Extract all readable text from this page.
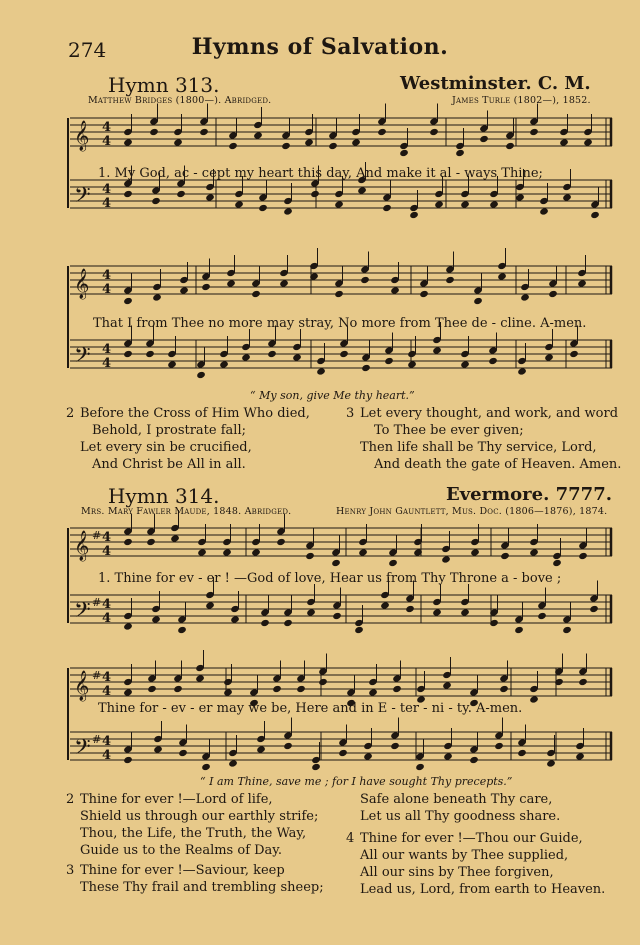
274	Hymns of Salvation.
Hymn 313.	Westminster. C. M.
Matthew Bridges (1800—). Abridged.	James Turle (1802—), 1852.
𝄞 4
4
𝄢 4
4
1. My God, ac - cept my heart this day, And make it al - ways Thine;
𝄞 4
4
𝄢 4
4
That I from Thee no more may stray, No more from Thee de - cline. A-men.
“ My son, give Me thy heart.”
2 Before the Cross of Him Who died,
Behold, I prostrate fall;
Let every sin be crucified,
And Christ be All in all.
3 Let every thought, and work, and word
To Thee be ever given;
Then life shall be Thy service, Lord,
And death the gate of Heaven. Amen.
Hymn 314.	Evermore. 7777.
Mrs. Mary Fawler Maude, 1848. Abridged.	Henry John Gauntlett, Mus. Doc. (1806—1876), 1874.
𝄞 # 4
4
𝄢 # 4
4
1. Thine for ev - er ! —God of love, Hear us from Thy Throne a - bove ;
𝄞 # 4
4
𝄢 # 4
4
Thine for - ev - er may we be, Here and in E - ter - ni - ty. A-men.
“ I am Thine, save me ; for I have sought Thy precepts.”
2 Thine for ever !—Lord of life,
Shield us through our earthly strife;
Thou, the Life, the Truth, the Way,
Guide us to the Realms of Day.
3 Thine for ever !—Saviour, keep
These Thy frail and trembling sheep;
Safe alone beneath Thy care,
Let us all Thy goodness share.
4 Thine for ever !—Thou our Guide,
All our wants by Thee supplied,
All our sins by Thee forgiven,
Lead us, Lord, from earth to Heaven.
